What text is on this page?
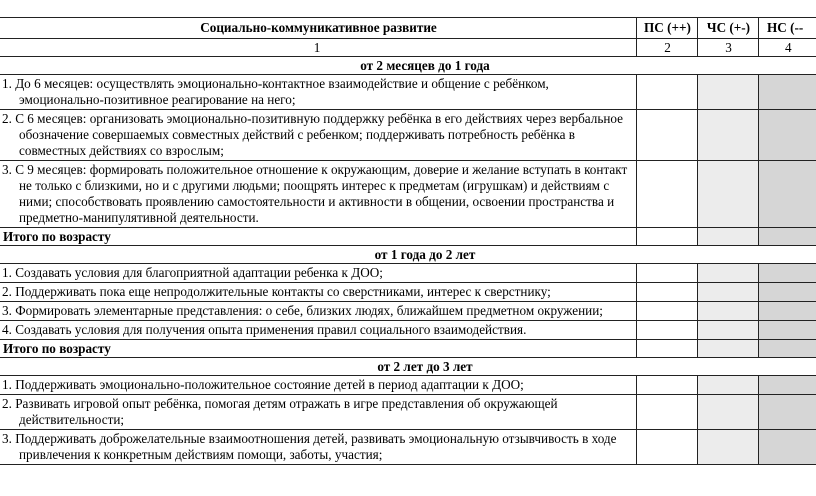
Социально-коммуникативное развитие	ПС (++)	ЧС (+-)	НС (--
1	2	3	4
от 2 месяцев до 1 года			
1. До 6 месяцев: осуществлять эмоционально-контактное взаимодействие и общение с ребёнком, эмоционально-позитивное реагирование на него;			
2. С 6 месяцев: организовать эмоционально-позитивную поддержку ребёнка в его действиях через вербальное обозначение совершаемых совместных действий с ребенком; поддерживать потребность ребёнка в совместных действиях со взрослым;			
3. С 9 месяцев: формировать положительное отношение к окружающим, доверие и желание вступать в контакт не только с близкими, но и с другими людьми; поощрять интерес к предметам (игрушкам) и действиям с ними; способствовать проявлению самостоятельности и активности в общении, освоении пространства и предметно-манипулятивной деятельности.			
Итого по возрасту			
от 1 года до 2 лет			
1. Создавать условия для благоприятной адаптации ребенка к ДОО;			
2. Поддерживать пока еще непродолжительные контакты со сверстниками, интерес к сверстнику;			
3. Формировать элементарные представления: о себе, близких людях, ближайшем предметном окружении;			
4. Создавать условия для получения опыта применения правил социального взаимодействия.			
Итого по возрасту			
от 2 лет до 3 лет			
1. Поддерживать эмоционально-положительное состояние детей в период адаптации к ДОО;			
2. Развивать игровой опыт ребёнка, помогая детям отражать в игре представления об окружающей действительности;			
3. Поддерживать доброжелательные взаимоотношения детей, развивать эмоциональную отзывчивость в ходе привлечения к конкретным действиям помощи, заботы, участия;			
